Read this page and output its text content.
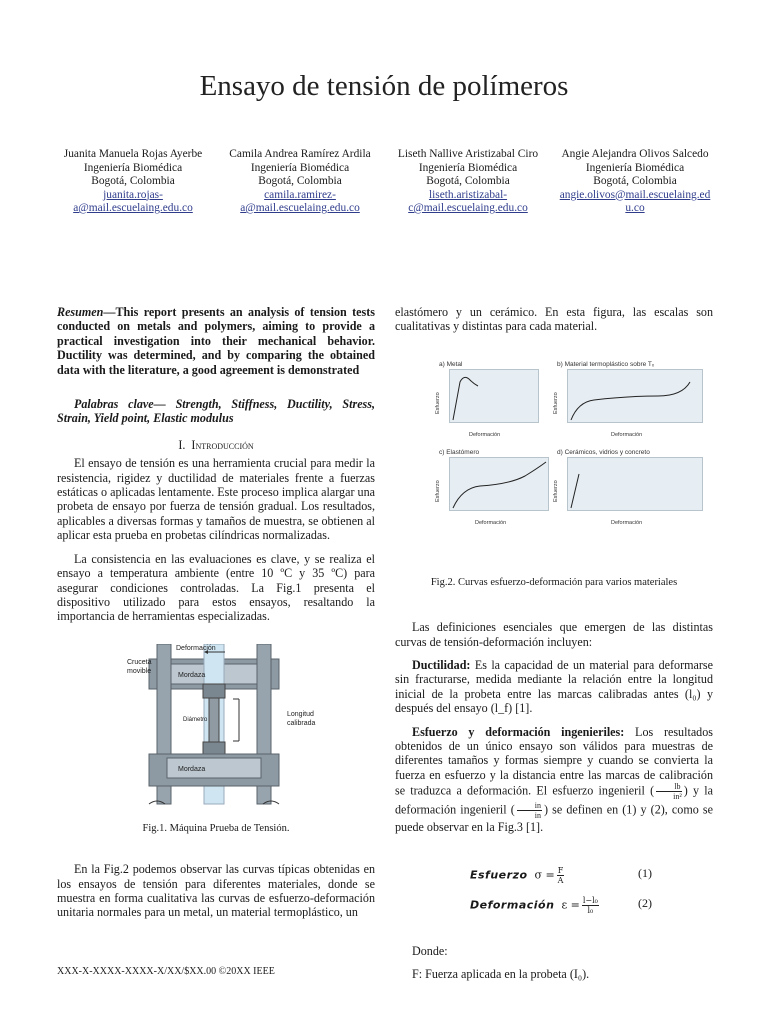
Ensayo de tensión de polímeros
Juanita Manuela Rojas Ayerbe
Ingeniería Biomédica
Bogotá, Colombia
juanita.rojas-
a@mail.escuelaing.edu.co
Camila Andrea Ramírez Ardila
Ingeniería Biomédica
Bogotá, Colombia
camila.ramirez-
a@mail.escuelaing.edu.co
Liseth Nallive Aristizabal Ciro
Ingeniería Biomédica
Bogotá, Colombia
liseth.aristizabal-
c@mail.escuelaing.edu.co
Angie Alejandra Olivos Salcedo
Ingeniería Biomédica
Bogotá, Colombia
angie.olivos@mail.escuelaing.ed
u.co

Resumen—This report presents an analysis of tension tests conducted on metals and polymers, aiming to provide a practical investigation into their mechanical behavior. Ductility was determined, and by comparing the obtained data with the literature, a good agreement is demonstrated

Palabras clave— Strength, Stiffness, Ductility, Stress, Strain, Yield point, Elastic modulus

I. Introducción

El ensayo de tensión es una herramienta crucial para medir la resistencia, rigidez y ductilidad de materiales frente a fuerzas estáticas o aplicadas lentamente. Este proceso implica alargar una probeta de ensayo por fuerza de tensión gradual. Los resultados, aplicables a diversas formas y tamaños de muestra, se obtienen al aplicar esta prueba en probetas cilíndricas normalizadas.

La consistencia en las evaluaciones es clave, y se realiza el ensayo a temperatura ambiente (entre 10 ºC y 35 ºC) para asegurar condiciones controladas. La Fig.1 presenta el dispositivo utilizado para estos ensayos, resaltando la importancia de herramientas especializadas.

Deformación
Cruceta
movible
Mordaza
Mordaza
Diámetro
Longitud
calibrada

Fig.1. Máquina Prueba de Tensión.

En la Fig.2 podemos observar las curvas típicas obtenidas en los ensayos de tensión para diferentes materiales, donde se muestra en forma cualitativa las curvas de esfuerzo-deformación unitaria normales para un metal, un material termoplástico, un

elastómero y un cerámico. En esta figura, las escalas son cualitativas y distintas para cada material.

a) Metal
Esfuerzo
Deformación
b) Material termoplástico sobre Tₓ
Esfuerzo
Deformación
c) Elastómero
Esfuerzo
Deformación
d) Cerámicos, vidrios y concreto
Esfuerzo
Deformación

Fig.2. Curvas esfuerzo-deformación para varios materiales

Las definiciones esenciales que emergen de las distintas curvas de tensión-deformación incluyen:

Ductilidad: Es la capacidad de un material para deformarse sin fracturarse, medida mediante la relación entre la longitud inicial de la probeta entre las marcas calibradas antes (l₀) y después del ensayo (l_f) [1].

Esfuerzo y deformación ingenieriles: Los resultados obtenidos de un único ensayo son válidos para muestras de diferentes tamaños y formas siempre y cuando se convierta la fuerza en esfuerzo y la distancia entre las marcas de calibración se traduzca a deformación. El esfuerzo ingenieril ( $\frac{lb}{\text{in²}}$ ) y la deformación ingenieril ( $\frac{in}{in}$ ) se definen en (1) y (2), como se puede observar en la Fig.3 [1].

Esfuerzo $\sigma = \frac{F}{A}$	(1)
Deformación $\varepsilon = \frac{\text{l−l₀}}{\text{l₀}}$	(2)

Donde:

F: Fuerza aplicada en la probeta (I₀).

XXX-X-XXXX-XXXX-X/XX/$XX.00 ©20XX IEEE
